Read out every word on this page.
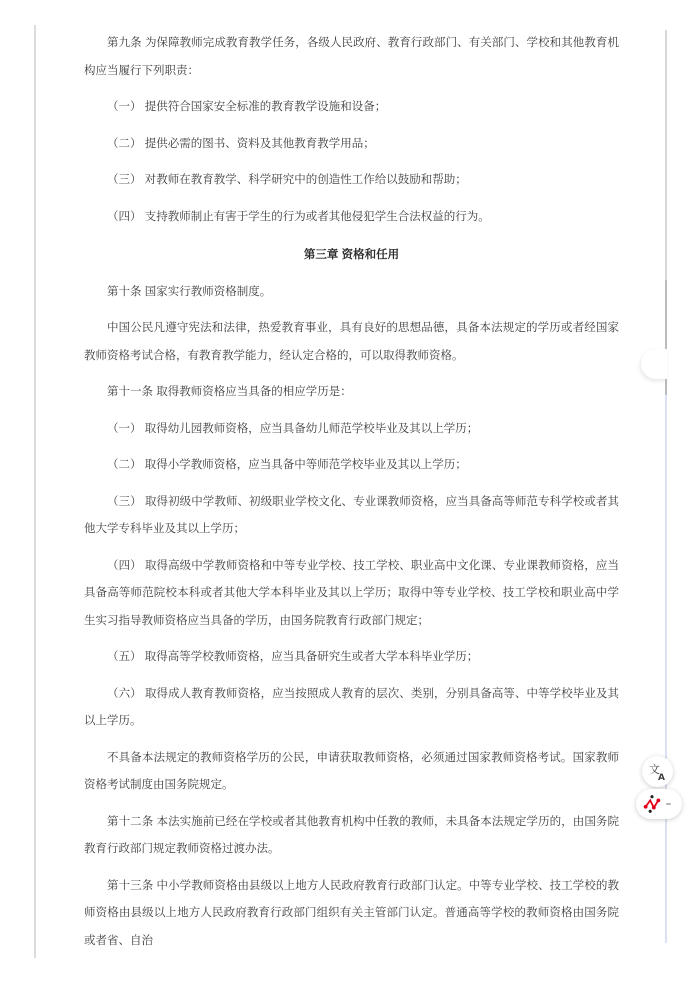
第九条 为保障教师完成教育教学任务，各级人民政府、教育行政部门、有关部门、学校和其他教育机构应当履行下列职责：

（一） 提供符合国家安全标准的教育教学设施和设备；

（二） 提供必需的图书、资料及其他教育教学用品；

（三） 对教师在教育教学、科学研究中的创造性工作给以鼓励和帮助；

（四） 支持教师制止有害于学生的行为或者其他侵犯学生合法权益的行为。

第三章 资格和任用

第十条 国家实行教师资格制度。

中国公民凡遵守宪法和法律，热爱教育事业，具有良好的思想品德，具备本法规定的学历或者经国家教师资格考试合格，有教育教学能力，经认定合格的，可以取得教师资格。

第十一条 取得教师资格应当具备的相应学历是：

（一） 取得幼儿园教师资格，应当具备幼儿师范学校毕业及其以上学历；

（二） 取得小学教师资格，应当具备中等师范学校毕业及其以上学历；

（三） 取得初级中学教师、初级职业学校文化、专业课教师资格，应当具备高等师范专科学校或者其他大学专科毕业及其以上学历；

（四） 取得高级中学教师资格和中等专业学校、技工学校、职业高中文化课、专业课教师资格，应当具备高等师范院校本科或者其他大学本科毕业及其以上学历；取得中等专业学校、技工学校和职业高中学生实习指导教师资格应当具备的学历，由国务院教育行政部门规定；

（五） 取得高等学校教师资格，应当具备研究生或者大学本科毕业学历；

（六） 取得成人教育教师资格，应当按照成人教育的层次、类别，分别具备高等、中等学校毕业及其以上学历。

不具备本法规定的教师资格学历的公民，申请获取教师资格，必须通过国家教师资格考试。国家教师资格考试制度由国务院规定。

第十二条 本法实施前已经在学校或者其他教育机构中任教的教师，未具备本法规定学历的，由国务院教育行政部门规定教师资格过渡办法。

第十三条 中小学教师资格由县级以上地方人民政府教育行政部门认定。中等专业学校、技工学校的教师资格由县级以上地方人民政府教育行政部门组织有关主管部门认定。普通高等学校的教师资格由国务院或者省、自治

文
A
